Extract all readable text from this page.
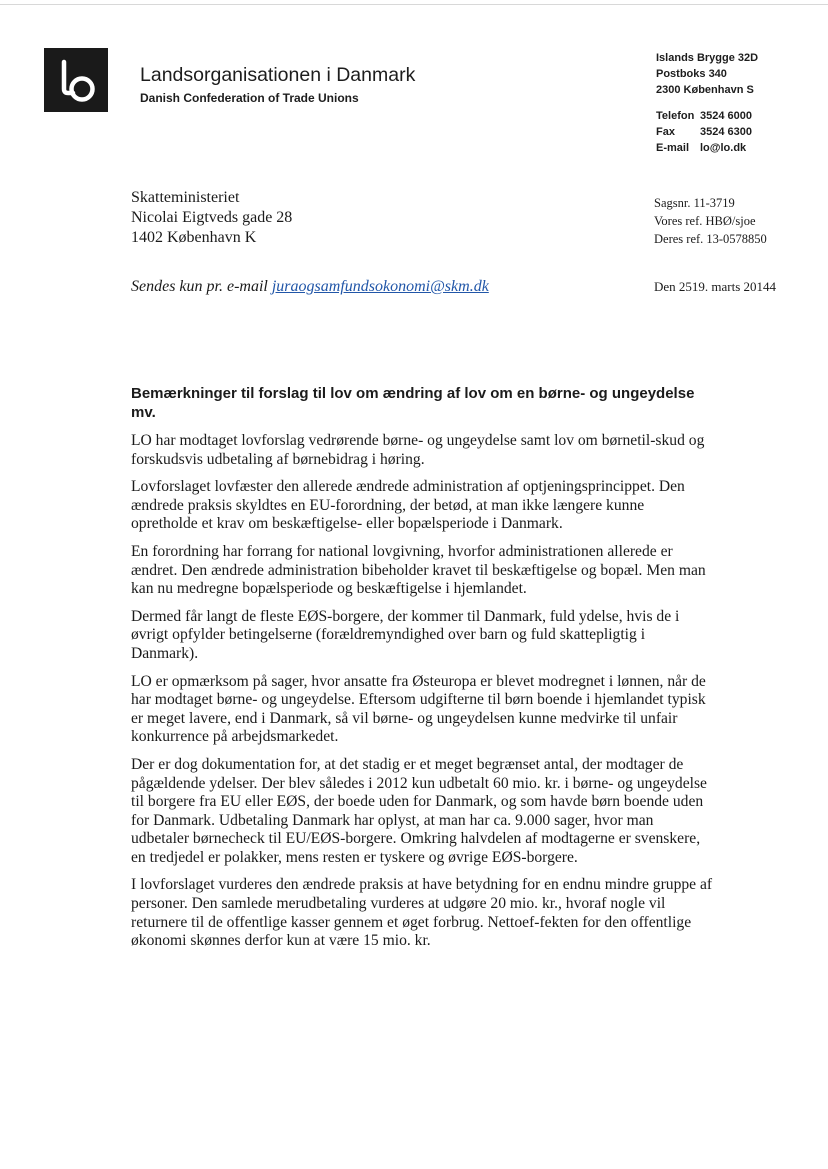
Landsorganisationen i Danmark
Danish Confederation of Trade Unions
Islands Brygge 32D
Postboks 340
2300 København S
Telefon 3524 6000
Fax	3524 6300
E-mail lo@lo.dk
Skatteministeriet
Nicolai Eigtveds gade 28
1402 København K
Sagsnr. 11-3719
Vores ref. HBØ/sjoe
Deres ref. 13-0578850
Sendes kun pr. e-mail juraogsamfundsokonomi@skm.dk	Den 2519. marts 20144
Bemærkninger til forslag til lov om ændring af lov om en børne- og ungeydelse mv.

LO har modtaget lovforslag vedrørende børne- og ungeydelse samt lov om børnetil-skud og forskudsvis udbetaling af børnebidrag i høring.

Lovforslaget lovfæster den allerede ændrede administration af optjeningsprincippet. Den ændrede praksis skyldtes en EU-forordning, der betød, at man ikke længere kunne opretholde et krav om beskæftigelse- eller bopælsperiode i Danmark.

En forordning har forrang for national lovgivning, hvorfor administrationen allerede er ændret. Den ændrede administration bibeholder kravet til beskæftigelse og bopæl. Men man kan nu medregne bopælsperiode og beskæftigelse i hjemlandet.

Dermed får langt de fleste EØS-borgere, der kommer til Danmark, fuld ydelse, hvis de i øvrigt opfylder betingelserne (forældremyndighed over barn og fuld skattepligtig i Danmark).

LO er opmærksom på sager, hvor ansatte fra Østeuropa er blevet modregnet i lønnen, når de har modtaget børne- og ungeydelse. Eftersom udgifterne til børn boende i hjemlandet typisk er meget lavere, end i Danmark, så vil børne- og ungeydelsen kunne medvirke til unfair konkurrence på arbejdsmarkedet.

Der er dog dokumentation for, at det stadig er et meget begrænset antal, der modtager de pågældende ydelser. Der blev således i 2012 kun udbetalt 60 mio. kr. i børne- og ungeydelse til borgere fra EU eller EØS, der boede uden for Danmark, og som havde børn boende uden for Danmark. Udbetaling Danmark har oplyst, at man har ca. 9.000 sager, hvor man udbetaler børnecheck til EU/EØS-borgere. Omkring halvdelen af modtagerne er svenskere, en tredjedel er polakker, mens resten er tyskere og øvrige EØS-borgere.

I lovforslaget vurderes den ændrede praksis at have betydning for en endnu mindre gruppe af personer. Den samlede merudbetaling vurderes at udgøre 20 mio. kr., hvoraf nogle vil returnere til de offentlige kasser gennem et øget forbrug. Nettoef-fekten for den offentlige økonomi skønnes derfor kun at være 15 mio. kr.
